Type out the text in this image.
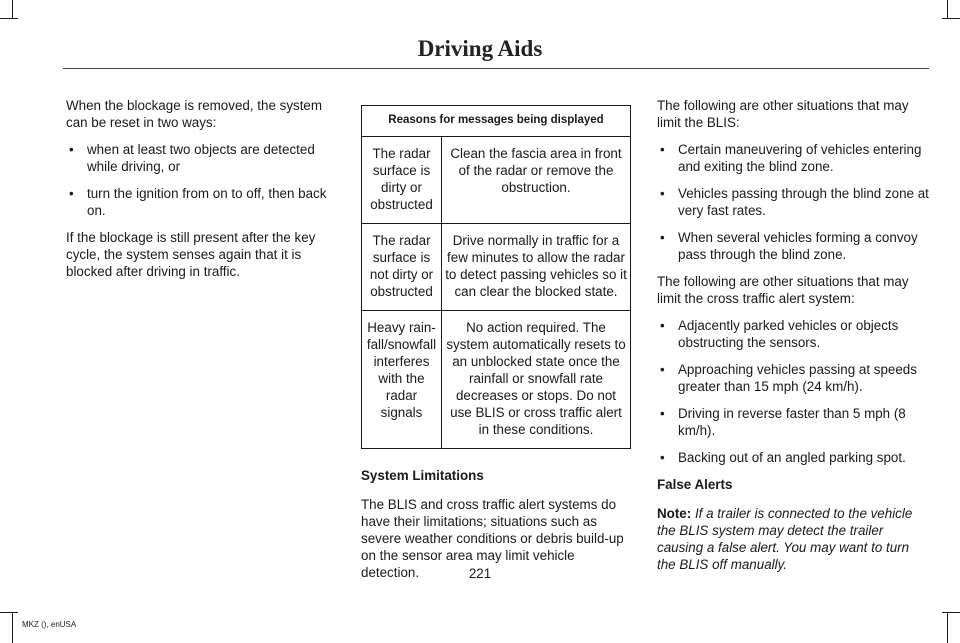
Driving Aids

When the blockage is removed, the system can be reset in two ways:

• when at least two objects are detected while driving, or
• turn the ignition from on to off, then back on.

If the blockage is still present after the key cycle, the system senses again that it is blocked after driving in traffic.

Reasons for messages being displayed	
The radar surface is dirty or obstructed	Clean the fascia area in front of the radar or remove the obstruction.
The radar surface is not dirty or obstructed	Drive normally in traffic for a few minutes to allow the radar to detect passing vehicles so it can clear the blocked state.
Heavy rain-fall/snowfall interferes with the radar signals	No action required. The system automatically resets to an unblocked state once the rainfall or snowfall rate decreases or stops. Do not use BLIS or cross traffic alert in these conditions.

System Limitations

The BLIS and cross traffic alert systems do have their limitations; situations such as severe weather conditions or debris build-up on the sensor area may limit vehicle detection.

The following are other situations that may limit the BLIS:

• Certain maneuvering of vehicles entering and exiting the blind zone.
• Vehicles passing through the blind zone at very fast rates.
• When several vehicles forming a convoy pass through the blind zone.

The following are other situations that may limit the cross traffic alert system:

• Adjacently parked vehicles or objects obstructing the sensors.
• Approaching vehicles passing at speeds greater than 15 mph (24 km/h).
• Driving in reverse faster than 5 mph (8 km/h).
• Backing out of an angled parking spot.

False Alerts

Note: If a trailer is connected to the vehicle the BLIS system may detect the trailer causing a false alert. You may want to turn the BLIS off manually.

221
MKZ (), enUSA
